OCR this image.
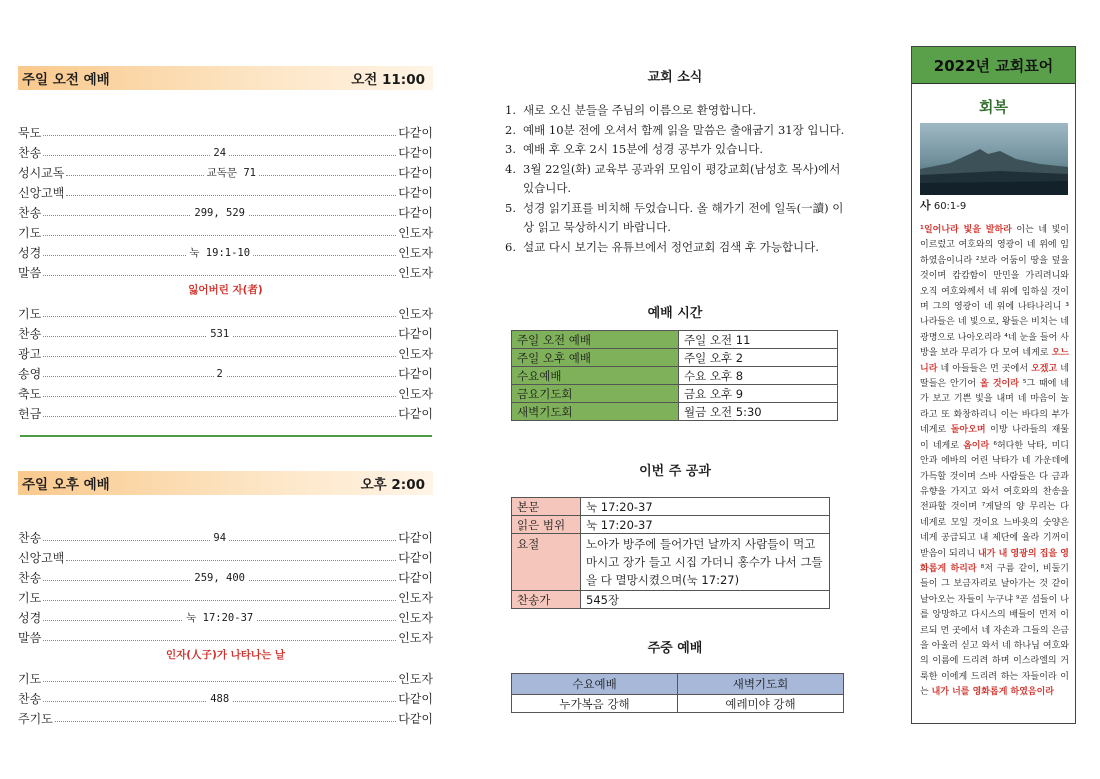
주일 오전 예배	오전 11:00
묵도	다같이
찬송	24	다같이
성시교독	교독문 71	다같이
신앙고백	다같이
찬송	299, 529	다같이
기도	인도자
성경	눅 19:1-10	인도자
말씀	인도자
잃어버린 자(者)
기도	인도자
찬송	531	다같이
광고	인도자
송영	2	다같이
축도	인도자
헌금	다같이
주일 오후 예배	오후 2:00
찬송	94	다같이
신앙고백	다같이
찬송	259, 400	다같이
기도	인도자
성경	눅 17:20-37	인도자
말씀	인도자
인자(人子)가 나타나는 날
기도	인도자
찬송	488	다같이
주기도	다같이
교회 소식
1. 새로 오신 분들을 주님의 이름으로 환영합니다.
2. 예배 10분 전에 오셔서 함께 읽을 말씀은 출애굽기 31장 입니다.
3. 예배 후 오후 2시 15분에 성경 공부가 있습니다.
4. 3월 22일(화) 교육부 공과위 모임이 평강교회(남성호 목사)에서 있습니다.
5. 성경 읽기표를 비치해 두었습니다. 올 해가기 전에 일독(一讀) 이상 읽고 묵상하시기 바랍니다.
6. 설교 다시 보기는 유튜브에서 정언교회 검색 후 가능합니다.
예배 시간
주일 오전 예배	주일 오전 11
주일 오후 예배	주일 오후 2
수요예배	수요 오후 8
금요기도회	금요 오후 9
새벽기도회	월금 오전 5:30
이번 주 공과
본문	눅 17:20-37
읽은 범위	눅 17:20-37
요절	노아가 방주에 들어가던 날까지 사람들이 먹고 마시고 장가 들고 시집 가더니 홍수가 나서 그들을 다 멸망시켰으며(눅 17:27)
찬송가	545장
주중 예배
수요예배	새벽기도회
누가복음 강해	예레미야 강해
2022년 교회표어
회복
사 60:1-9
¹일어나라 빛을 발하라 이는 네 빛이 이르렀고 여호와의 영광이 네 위에 임하였음이니라 ²보라 어둠이 땅을 덮을 것이며 캄캄함이 만민을 가리려니와 오직 여호와께서 네 위에 임하실 것이며 그의 영광이 네 위에 나타나리니 ³나라들은 네 빛으로, 왕들은 비치는 네 광명으로 나아오리라 ⁴네 눈을 들어 사방을 보라 무리가 다 모여 네게로 오느니라 네 아들들은 먼 곳에서 오겠고 네 딸들은 안기어 올 것이라 ⁵그 때에 네가 보고 기쁜 빛을 내며 네 마음이 놀라고 또 화창하리니 이는 바다의 부가 네게로 돌아오며 이방 나라들의 재물이 네게로 옴이라 ⁶허다한 낙타, 미디안과 에바의 어린 낙타가 네 가운데에 가득할 것이며 스바 사람들은 다 금과 유향을 가지고 와서 여호와의 찬송을 전파할 것이며 ⁷게달의 양 무리는 다 네게로 모일 것이요 느바욧의 숫양은 네게 공급되고 내 제단에 올라 기꺼이 받음이 되리니 내가 내 영광의 집을 영화롭게 하리라 ⁸저 구름 같이, 비둘기들이 그 보금자리로 날아가는 것 같이 날아오는 자들이 누구냐 ⁹곧 섬들이 나를 앙망하고 다시스의 배들이 먼저 이르되 먼 곳에서 네 자손과 그들의 은금을 아울러 싣고 와서 네 하나님 여호와의 이름에 드리려 하며 이스라엘의 거룩한 이에게 드리려 하는 자들이라 이는 내가 너를 영화롭게 하였음이라
